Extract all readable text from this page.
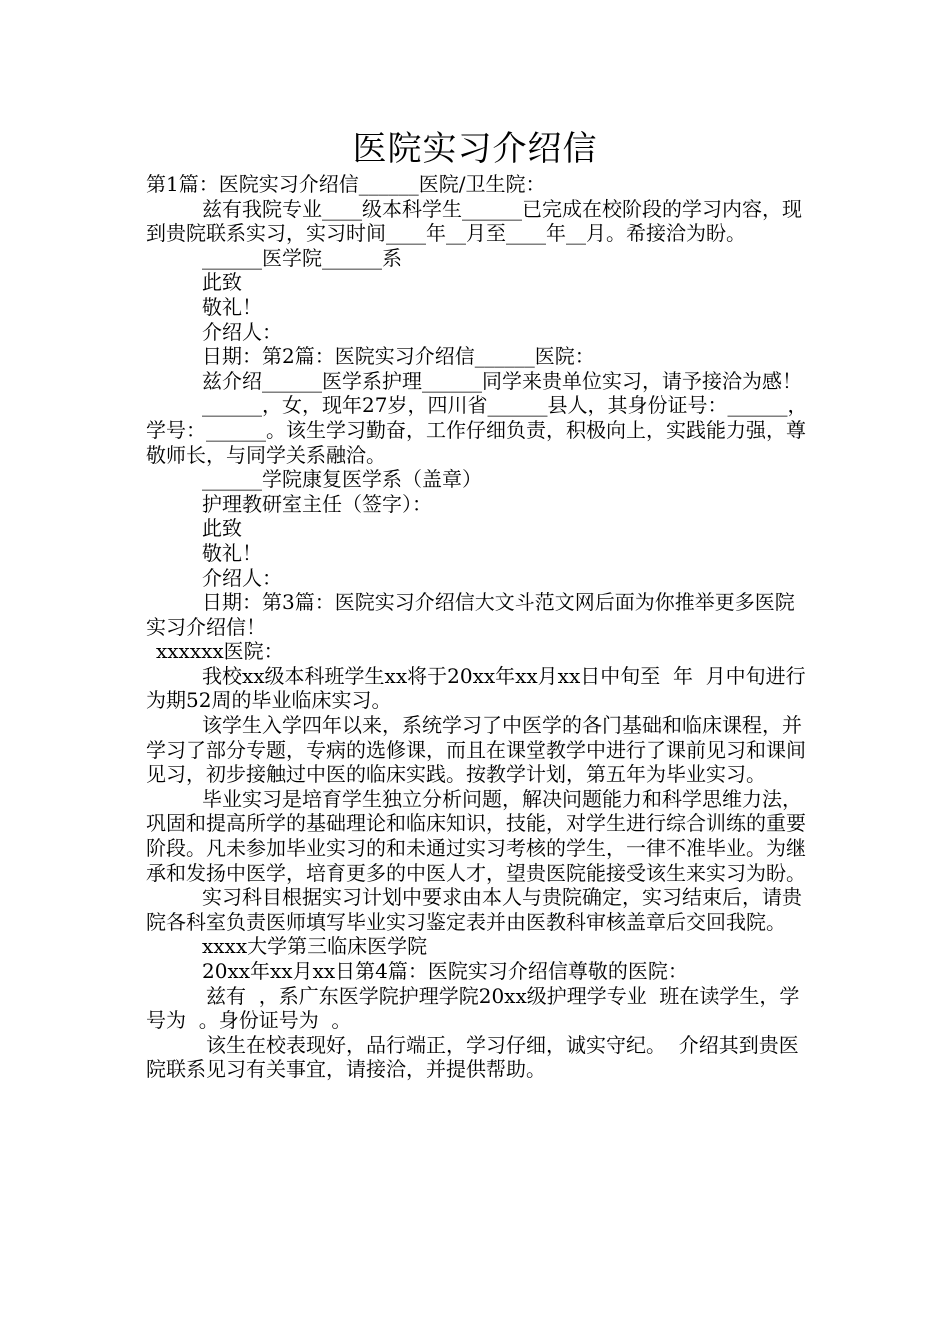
医院实习介绍信

第1篇：医院实习介绍信______医院/卫生院：

兹有我院专业____级本科学生______已完成在校阶段的学习内容，现到贵院联系实习，实习时间____年__月至____年__月。希接洽为盼。

______医学院______系

此致

敬礼！

介绍人：

日期：第2篇：医院实习介绍信______医院：

兹介绍______医学系护理______同学来贵单位实习，请予接洽为感！

______，女，现年27岁，四川省______县人，其身份证号：______，学号：______。该生学习勤奋，工作仔细负责，积极向上，实践能力强，尊敬师长，与同学关系融洽。

______学院康复医学系（盖章）

护理教研室主任（签字）：

此致

敬礼！

介绍人：

日期：第3篇：医院实习介绍信大文斗范文网后面为你推举更多医院实习介绍信！

xxxxxx医院：

我校xx级本科班学生xx将于20xx年xx月xx日中旬至  年  月中旬进行为期52周的毕业临床实习。

该学生入学四年以来，系统学习了中医学的各门基础和临床课程，并学习了部分专题，专病的选修课，而且在课堂教学中进行了课前见习和课间见习，初步接触过中医的临床实践。按教学计划，第五年为毕业实习。

毕业实习是培育学生独立分析问题，解决问题能力和科学思维力法，巩固和提高所学的基础理论和临床知识，技能，对学生进行综合训练的重要阶段。凡未参加毕业实习的和未通过实习考核的学生，一律不准毕业。为继承和发扬中医学，培育更多的中医人才，望贵医院能接受该生来实习为盼。

实习科目根据实习计划中要求由本人与贵院确定，实习结束后，请贵院各科室负责医师填写毕业实习鉴定表并由医教科审核盖章后交回我院。

xxxx大学第三临床医学院

20xx年xx月xx日第4篇：医院实习介绍信尊敬的医院：

兹有  ，系广东医学院护理学院20xx级护理学专业  班在读学生，学号为  。身份证号为  。

该生在校表现好，品行端正，学习仔细，诚实守纪。  介绍其到贵医院联系见习有关事宜，请接洽，并提供帮助。
